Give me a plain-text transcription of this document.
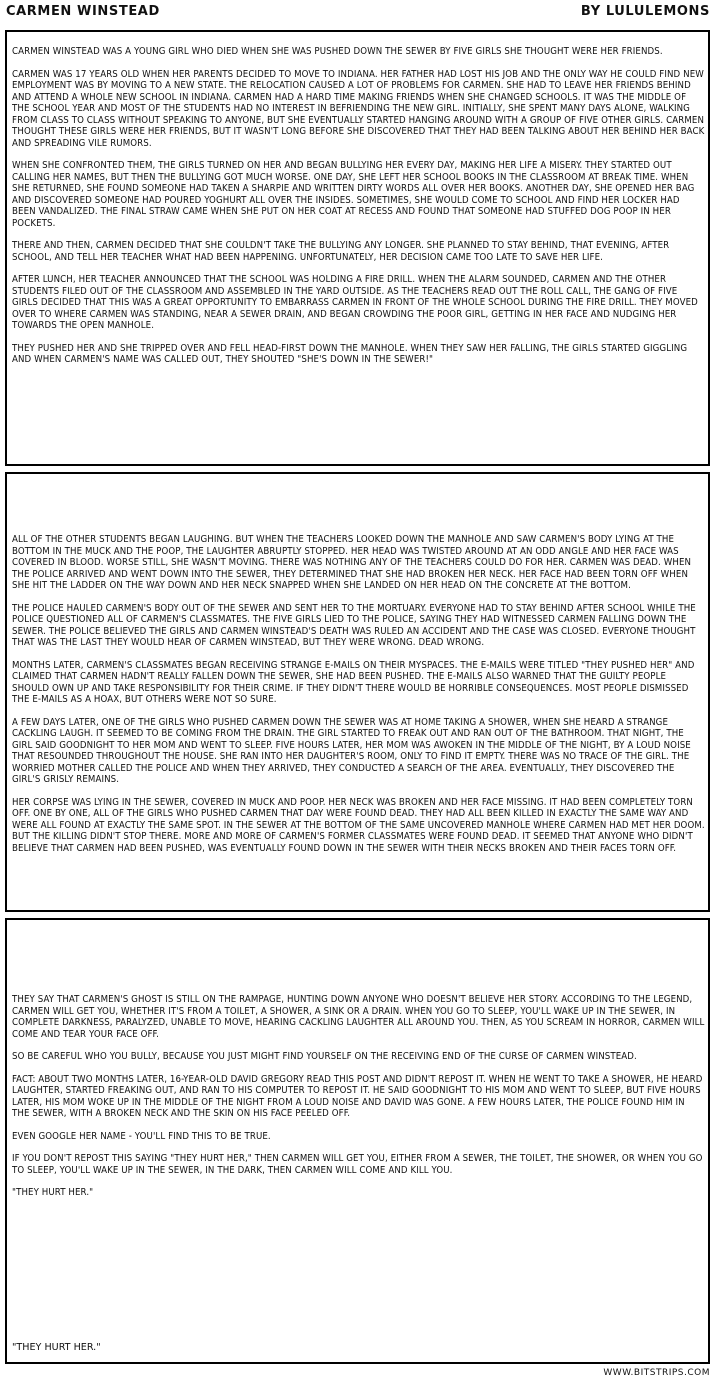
CARMEN WINSTEAD	BY LULULEMONS

CARMEN WINSTEAD WAS A YOUNG GIRL WHO DIED WHEN SHE WAS PUSHED DOWN THE SEWER BY FIVE GIRLS SHE THOUGHT WERE HER FRIENDS.

CARMEN WAS 17 YEARS OLD WHEN HER PARENTS DECIDED TO MOVE TO INDIANA. HER FATHER HAD LOST HIS JOB AND THE ONLY WAY HE COULD FIND NEW EMPLOYMENT WAS BY MOVING TO A NEW STATE. THE RELOCATION CAUSED A LOT OF PROBLEMS FOR CARMEN. SHE HAD TO LEAVE HER FRIENDS BEHIND AND ATTEND A WHOLE NEW SCHOOL IN INDIANA. CARMEN HAD A HARD TIME MAKING FRIENDS WHEN SHE CHANGED SCHOOLS. IT WAS THE MIDDLE OF THE SCHOOL YEAR AND MOST OF THE STUDENTS HAD NO INTEREST IN BEFRIENDING THE NEW GIRL. INITIALLY, SHE SPENT MANY DAYS ALONE, WALKING FROM CLASS TO CLASS WITHOUT SPEAKING TO ANYONE, BUT SHE EVENTUALLY STARTED HANGING AROUND WITH A GROUP OF FIVE OTHER GIRLS. CARMEN THOUGHT THESE GIRLS WERE HER FRIENDS, BUT IT WASN'T LONG BEFORE SHE DISCOVERED THAT THEY HAD BEEN TALKING ABOUT HER BEHIND HER BACK AND SPREADING VILE RUMORS.

WHEN SHE CONFRONTED THEM, THE GIRLS TURNED ON HER AND BEGAN BULLYING HER EVERY DAY, MAKING HER LIFE A MISERY. THEY STARTED OUT CALLING HER NAMES, BUT THEN THE BULLYING GOT MUCH WORSE. ONE DAY, SHE LEFT HER SCHOOL BOOKS IN THE CLASSROOM AT BREAK TIME. WHEN SHE RETURNED, SHE FOUND SOMEONE HAD TAKEN A SHARPIE AND WRITTEN DIRTY WORDS ALL OVER HER BOOKS. ANOTHER DAY, SHE OPENED HER BAG AND DISCOVERED SOMEONE HAD POURED YOGHURT ALL OVER THE INSIDES. SOMETIMES, SHE WOULD COME TO SCHOOL AND FIND HER LOCKER HAD BEEN VANDALIZED. THE FINAL STRAW CAME WHEN SHE PUT ON HER COAT AT RECESS AND FOUND THAT SOMEONE HAD STUFFED DOG POOP IN HER POCKETS.

THERE AND THEN, CARMEN DECIDED THAT SHE COULDN'T TAKE THE BULLYING ANY LONGER. SHE PLANNED TO STAY BEHIND, THAT EVENING, AFTER SCHOOL, AND TELL HER TEACHER WHAT HAD BEEN HAPPENING. UNFORTUNATELY, HER DECISION CAME TOO LATE TO SAVE HER LIFE.

AFTER LUNCH, HER TEACHER ANNOUNCED THAT THE SCHOOL WAS HOLDING A FIRE DRILL. WHEN THE ALARM SOUNDED, CARMEN AND THE OTHER STUDENTS FILED OUT OF THE CLASSROOM AND ASSEMBLED IN THE YARD OUTSIDE. AS THE TEACHERS READ OUT THE ROLL CALL, THE GANG OF FIVE GIRLS DECIDED THAT THIS WAS A GREAT OPPORTUNITY TO EMBARRASS CARMEN IN FRONT OF THE WHOLE SCHOOL DURING THE FIRE DRILL. THEY MOVED OVER TO WHERE CARMEN WAS STANDING, NEAR A SEWER DRAIN, AND BEGAN CROWDING THE POOR GIRL, GETTING IN HER FACE AND NUDGING HER TOWARDS THE OPEN MANHOLE.

THEY PUSHED HER AND SHE TRIPPED OVER AND FELL HEAD-FIRST DOWN THE MANHOLE. WHEN THEY SAW HER FALLING, THE GIRLS STARTED GIGGLING AND WHEN CARMEN'S NAME WAS CALLED OUT, THEY SHOUTED "SHE'S DOWN IN THE SEWER!"

ALL OF THE OTHER STUDENTS BEGAN LAUGHING. BUT WHEN THE TEACHERS LOOKED DOWN THE MANHOLE AND SAW CARMEN'S BODY LYING AT THE BOTTOM IN THE MUCK AND THE POOP, THE LAUGHTER ABRUPTLY STOPPED. HER HEAD WAS TWISTED AROUND AT AN ODD ANGLE AND HER FACE WAS COVERED IN BLOOD. WORSE STILL, SHE WASN'T MOVING. THERE WAS NOTHING ANY OF THE TEACHERS COULD DO FOR HER. CARMEN WAS DEAD. WHEN THE POLICE ARRIVED AND WENT DOWN INTO THE SEWER, THEY DETERMINED THAT SHE HAD BROKEN HER NECK. HER FACE HAD BEEN TORN OFF WHEN SHE HIT THE LADDER ON THE WAY DOWN AND HER NECK SNAPPED WHEN SHE LANDED ON HER HEAD ON THE CONCRETE AT THE BOTTOM.

THE POLICE HAULED CARMEN'S BODY OUT OF THE SEWER AND SENT HER TO THE MORTUARY. EVERYONE HAD TO STAY BEHIND AFTER SCHOOL WHILE THE POLICE QUESTIONED ALL OF CARMEN'S CLASSMATES. THE FIVE GIRLS LIED TO THE POLICE, SAYING THEY HAD WITNESSED CARMEN FALLING DOWN THE SEWER. THE POLICE BELIEVED THE GIRLS AND CARMEN WINSTEAD'S DEATH WAS RULED AN ACCIDENT AND THE CASE WAS CLOSED. EVERYONE THOUGHT THAT WAS THE LAST THEY WOULD HEAR OF CARMEN WINSTEAD, BUT THEY WERE WRONG. DEAD WRONG.

MONTHS LATER, CARMEN'S CLASSMATES BEGAN RECEIVING STRANGE E-MAILS ON THEIR MYSPACES. THE E-MAILS WERE TITLED "THEY PUSHED HER" AND CLAIMED THAT CARMEN HADN'T REALLY FALLEN DOWN THE SEWER, SHE HAD BEEN PUSHED. THE E-MAILS ALSO WARNED THAT THE GUILTY PEOPLE SHOULD OWN UP AND TAKE RESPONSIBILITY FOR THEIR CRIME. IF THEY DIDN'T THERE WOULD BE HORRIBLE CONSEQUENCES. MOST PEOPLE DISMISSED THE E-MAILS AS A HOAX, BUT OTHERS WERE NOT SO SURE.

A FEW DAYS LATER, ONE OF THE GIRLS WHO PUSHED CARMEN DOWN THE SEWER WAS AT HOME TAKING A SHOWER, WHEN SHE HEARD A STRANGE CACKLING LAUGH. IT SEEMED TO BE COMING FROM THE DRAIN. THE GIRL STARTED TO FREAK OUT AND RAN OUT OF THE BATHROOM. THAT NIGHT, THE GIRL SAID GOODNIGHT TO HER MOM AND WENT TO SLEEP. FIVE HOURS LATER, HER MOM WAS AWOKEN IN THE MIDDLE OF THE NIGHT, BY A LOUD NOISE THAT RESOUNDED THROUGHOUT THE HOUSE. SHE RAN INTO HER DAUGHTER'S ROOM, ONLY TO FIND IT EMPTY. THERE WAS NO TRACE OF THE GIRL. THE WORRIED MOTHER CALLED THE POLICE AND WHEN THEY ARRIVED, THEY CONDUCTED A SEARCH OF THE AREA. EVENTUALLY, THEY DISCOVERED THE GIRL'S GRISLY REMAINS.

HER CORPSE WAS LYING IN THE SEWER, COVERED IN MUCK AND POOP. HER NECK WAS BROKEN AND HER FACE MISSING. IT HAD BEEN COMPLETELY TORN OFF. ONE BY ONE, ALL OF THE GIRLS WHO PUSHED CARMEN THAT DAY WERE FOUND DEAD. THEY HAD ALL BEEN KILLED IN EXACTLY THE SAME WAY AND WERE ALL FOUND AT EXACTLY THE SAME SPOT. IN THE SEWER AT THE BOTTOM OF THE SAME UNCOVERED MANHOLE WHERE CARMEN HAD MET HER DOOM. BUT THE KILLING DIDN'T STOP THERE. MORE AND MORE OF CARMEN'S FORMER CLASSMATES WERE FOUND DEAD. IT SEEMED THAT ANYONE WHO DIDN'T BELIEVE THAT CARMEN HAD BEEN PUSHED, WAS EVENTUALLY FOUND DOWN IN THE SEWER WITH THEIR NECKS BROKEN AND THEIR FACES TORN OFF.

THEY SAY THAT CARMEN'S GHOST IS STILL ON THE RAMPAGE, HUNTING DOWN ANYONE WHO DOESN'T BELIEVE HER STORY. ACCORDING TO THE LEGEND, CARMEN WILL GET YOU, WHETHER IT'S FROM A TOILET, A SHOWER, A SINK OR A DRAIN. WHEN YOU GO TO SLEEP, YOU'LL WAKE UP IN THE SEWER, IN COMPLETE DARKNESS, PARALYZED, UNABLE TO MOVE, HEARING CACKLING LAUGHTER ALL AROUND YOU. THEN, AS YOU SCREAM IN HORROR, CARMEN WILL COME AND TEAR YOUR FACE OFF.

SO BE CAREFUL WHO YOU BULLY, BECAUSE YOU JUST MIGHT FIND YOURSELF ON THE RECEIVING END OF THE CURSE OF CARMEN WINSTEAD.

FACT: ABOUT TWO MONTHS LATER, 16-YEAR-OLD DAVID GREGORY READ THIS POST AND DIDN'T REPOST IT. WHEN HE WENT TO TAKE A SHOWER, HE HEARD LAUGHTER, STARTED FREAKING OUT, AND RAN TO HIS COMPUTER TO REPOST IT. HE SAID GOODNIGHT TO HIS MOM AND WENT TO SLEEP, BUT FIVE HOURS LATER, HIS MOM WOKE UP IN THE MIDDLE OF THE NIGHT FROM A LOUD NOISE AND DAVID WAS GONE. A FEW HOURS LATER, THE POLICE FOUND HIM IN THE SEWER, WITH A BROKEN NECK AND THE SKIN ON HIS FACE PEELED OFF.

EVEN GOOGLE HER NAME - YOU'LL FIND THIS TO BE TRUE.

IF YOU DON'T REPOST THIS SAYING "THEY HURT HER," THEN CARMEN WILL GET YOU, EITHER FROM A SEWER, THE TOILET, THE SHOWER, OR WHEN YOU GO TO SLEEP, YOU'LL WAKE UP IN THE SEWER, IN THE DARK, THEN CARMEN WILL COME AND KILL YOU.

"THEY HURT HER."

"THEY HURT HER."
WWW.BITSTRIPS.COM
